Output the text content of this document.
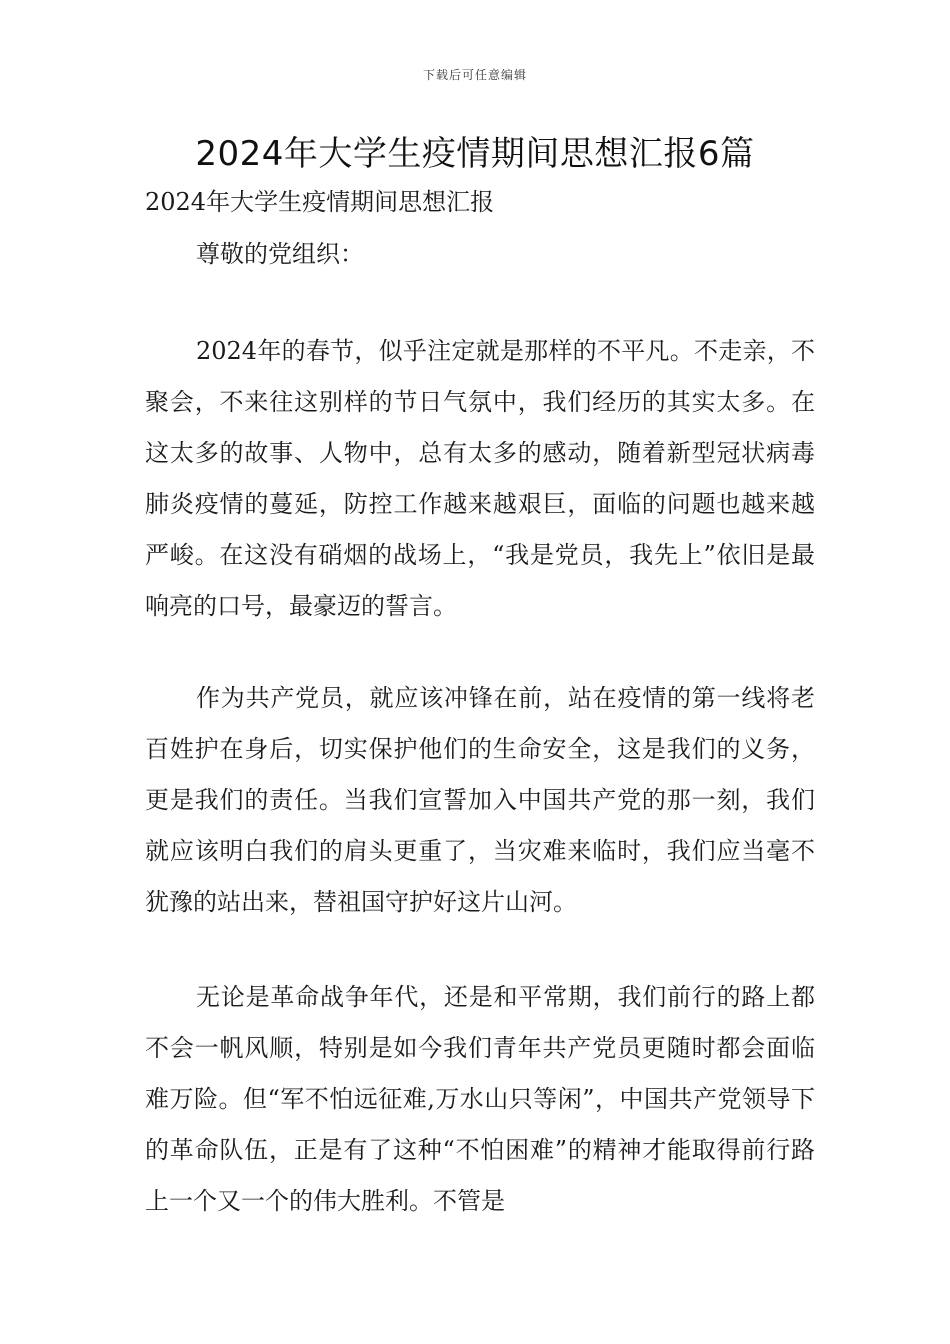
下载后可任意编辑
2024年大学生疫情期间思想汇报6篇

2024年大学生疫情期间思想汇报

尊敬的党组织：

2024年的春节，似乎注定就是那样的不平凡。不走亲，不聚会，不来往这别样的节日气氛中，我们经历的其实太多。在这太多的故事、人物中，总有太多的感动，随着新型冠状病毒肺炎疫情的蔓延，防控工作越来越艰巨，面临的问题也越来越严峻。在这没有硝烟的战场上，“我是党员，我先上”依旧是最响亮的口号，最豪迈的誓言。

作为共产党员，就应该冲锋在前，站在疫情的第一线将老百姓护在身后，切实保护他们的生命安全，这是我们的义务，更是我们的责任。当我们宣誓加入中国共产党的那一刻，我们就应该明白我们的肩头更重了，当灾难来临时，我们应当毫不犹豫的站出来，替祖国守护好这片山河。

无论是革命战争年代，还是和平常期，我们前行的路上都不会一帆风顺，特别是如今我们青年共产党员更随时都会面临难万险。但“军不怕远征难,万水山只等闲”，中国共产党领导下的革命队伍，正是有了这种“不怕困难”的精神才能取得前行路上一个又一个的伟大胜利。不管是
